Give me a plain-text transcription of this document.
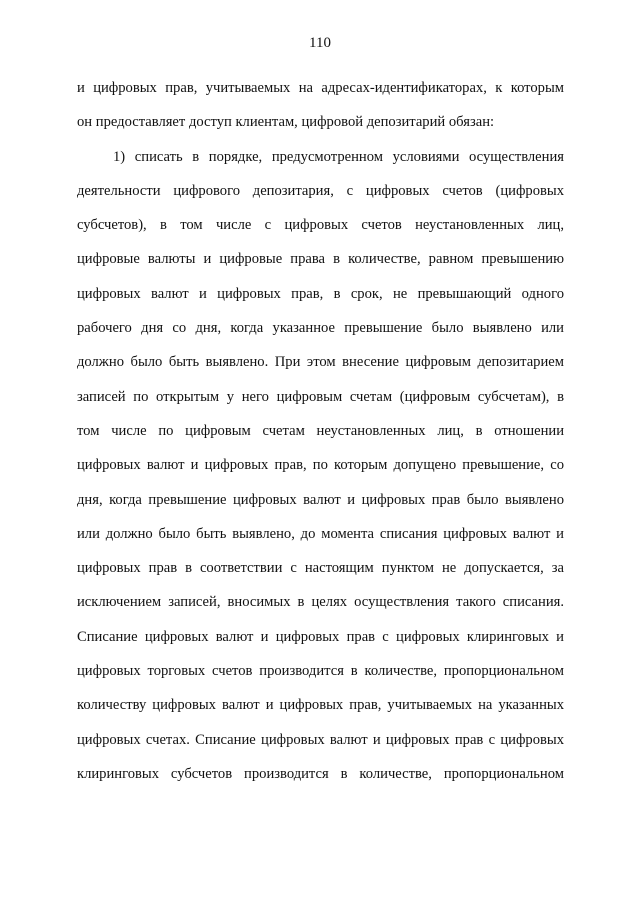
110
и цифровых прав, учитываемых на адресах-идентификаторах, к которым
он предоставляет доступ клиентам, цифровой депозитарий обязан:
1) списать в порядке, предусмотренном условиями осуществления
деятельности цифрового депозитария, с цифровых счетов (цифровых
субсчетов), в том числе с цифровых счетов неустановленных лиц,
цифровые валюты и цифровые права в количестве, равном превышению
цифровых валют и цифровых прав, в срок, не превышающий одного
рабочего дня со дня, когда указанное превышение было выявлено или
должно было быть выявлено. При этом внесение цифровым депозитарием
записей по открытым у него цифровым счетам (цифровым субсчетам), в
том числе по цифровым счетам неустановленных лиц, в отношении
цифровых валют и цифровых прав, по которым допущено превышение, со
дня, когда превышение цифровых валют и цифровых прав было выявлено
или должно было быть выявлено, до момента списания цифровых валют и
цифровых прав в соответствии с настоящим пунктом не допускается, за
исключением записей, вносимых в целях осуществления такого списания.
Списание цифровых валют и цифровых прав с цифровых клиринговых и
цифровых торговых счетов производится в количестве, пропорциональном
количеству цифровых валют и цифровых прав, учитываемых на указанных
цифровых счетах. Списание цифровых валют и цифровых прав с цифровых
клиринговых субсчетов производится в количестве, пропорциональном
